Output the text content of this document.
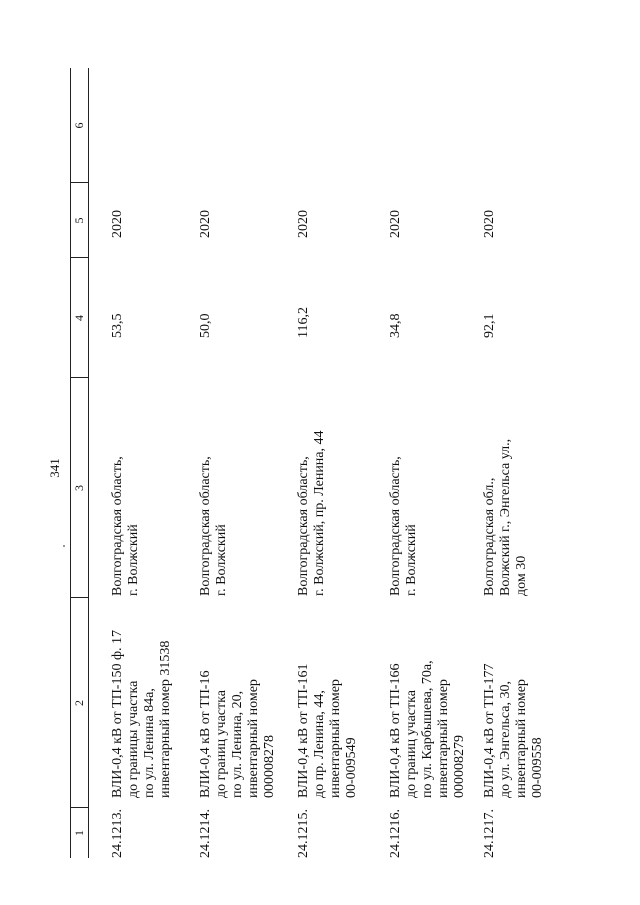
341
1
2
3
4
5
6
24.1213.
ВЛИ-0,4 кВ от ТП-150 ф. 17
до границы участка
по ул. Ленина 84а,
инвентарный номер 31538
Волгоградская область,
г. Волжский
53,5
2020
24.1214.
ВЛИ-0,4 кВ от ТП-16
до границ участка
по ул. Ленина, 20,
инвентарный номер
000008278
Волгоградская область,
г. Волжский
50,0
2020
24.1215.
ВЛИ-0,4 кВ от ТП-161
до пр. Ленина, 44,
инвентарный номер
00-009549
Волгоградская область,
г. Волжский, пр. Ленина, 44
116,2
2020
24.1216.
ВЛИ-0,4 кВ от ТП-166
до границ участка
по ул. Карбышева, 70а,
инвентарный номер
000008279
Волгоградская область,
г. Волжский
34,8
2020
24.1217.
ВЛИ-0,4 кВ от ТП-177
до ул. Энгельса, 30,
инвентарный номер
00-009558
Волгоградская обл.,
Волжский г., Энгельса ул.,
дом 30
92,1
2020
